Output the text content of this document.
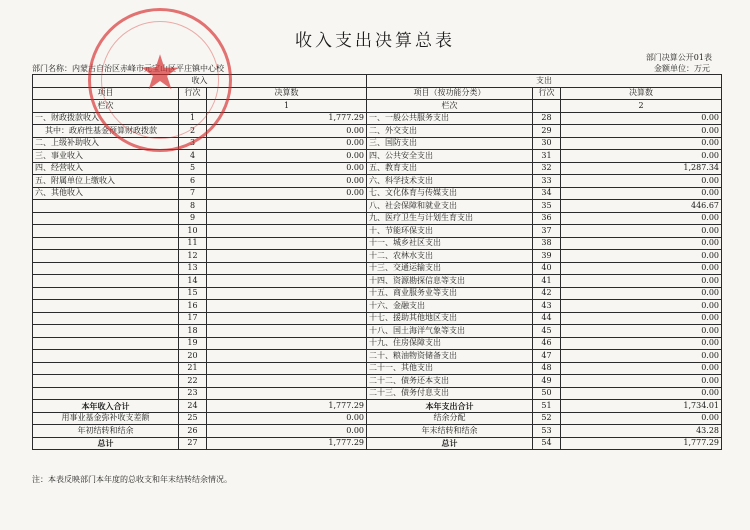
收入支出决算总表
部门决算公开01表
金额单位：万元
部门名称：内蒙古自治区赤峰市元宝山区平庄镇中心校
★	收入			支出		
项目	行次	决算数	项目（按功能分类）	行次	决算数
栏次		1	栏次		2
一、财政拨款收入	1	1,777.29	一、一般公共服务支出	28	0.00
其中：政府性基金预算财政拨款	2	0.00	二、外交支出	29	0.00
二、上级补助收入	3	0.00	三、国防支出	30	0.00
三、事业收入	4	0.00	四、公共安全支出	31	0.00
四、经营收入	5	0.00	五、教育支出	32	1,287.34
五、附属单位上缴收入	6	0.00	六、科学技术支出	33	0.00
六、其他收入	7	0.00	七、文化体育与传媒支出	34	0.00
	8		八、社会保障和就业支出	35	446.67
	9		九、医疗卫生与计划生育支出	36	0.00
	10		十、节能环保支出	37	0.00
	11		十一、城乡社区支出	38	0.00
	12		十二、农林水支出	39	0.00
	13		十三、交通运输支出	40	0.00
	14		十四、资源勘探信息等支出	41	0.00
	15		十五、商业服务业等支出	42	0.00
	16		十六、金融支出	43	0.00
	17		十七、援助其他地区支出	44	0.00
	18		十八、国土海洋气象等支出	45	0.00
	19		十九、住房保障支出	46	0.00
	20		二十、粮油物资储备支出	47	0.00
	21		二十一、其他支出	48	0.00
	22		二十二、债务还本支出	49	0.00
	23		二十三、债务付息支出	50	0.00
本年收入合计	24	1,777.29	本年支出合计	51	1,734.01
用事业基金弥补收支差额	25	0.00	结余分配	52	0.00
年初结转和结余	26	0.00	年末结转和结余	53	43.28
总计	27	1,777.29	总计	54	1,777.29
注：本表反映部门本年度的总收支和年末结转结余情况。
